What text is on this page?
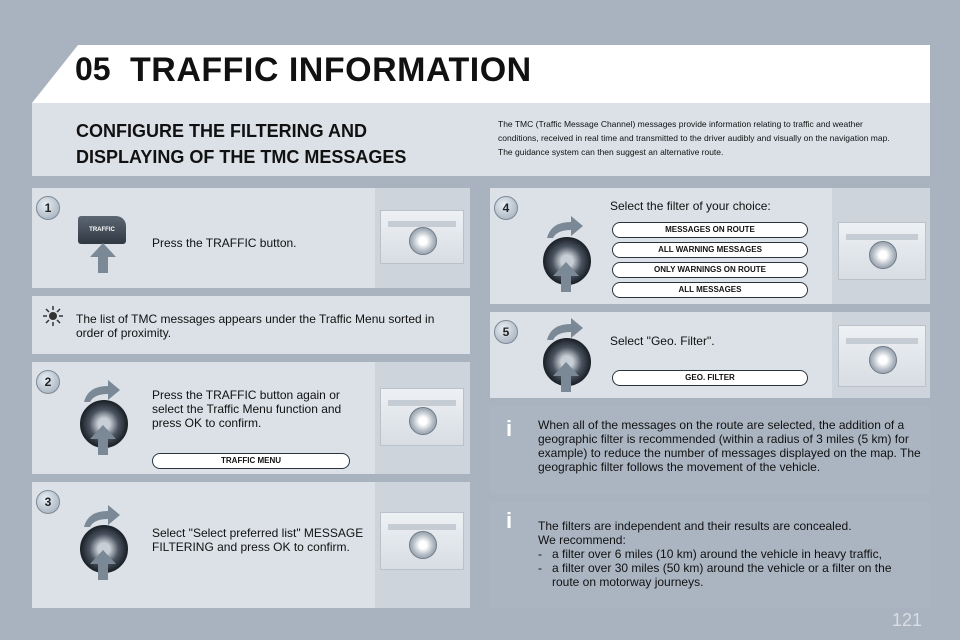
05 TRAFFIC INFORMATION
CONFIGURE THE FILTERING AND DISPLAYING OF THE TMC MESSAGES

The TMC (Traffic Message Channel) messages provide information relating to traffic and weather conditions, received in real time and transmitted to the driver audibly and visually on the navigation map.

The guidance system can then suggest an alternative route.

1
TRAFFIC
Press the TRAFFIC button.
The list of TMC messages appears under the Traffic Menu sorted in order of proximity.
2
Press the TRAFFIC button again or select the Traffic Menu function and press OK to confirm.
TRAFFIC MENU
3
Select "Select preferred list" MESSAGE FILTERING and press OK to confirm.
4	Select the filter of your choice:
MESSAGES ON ROUTE
ALL WARNING MESSAGES
ONLY WARNINGS ON ROUTE
ALL MESSAGES
5
Select "Geo. Filter".
GEO. FILTER
i	When all of the messages on the route are selected, the addition of a geographic filter is recommended (within a radius of 3 miles (5 km) for example) to reduce the number of messages displayed on the map. The geographic filter follows the movement of the vehicle.
i	The filters are independent and their results are concealed.
We recommend:
- a filter over 6 miles (10 km) around the vehicle in heavy traffic,
- a filter over 30 miles (50 km) around the vehicle or a filter on the route on motorway journeys.
121
